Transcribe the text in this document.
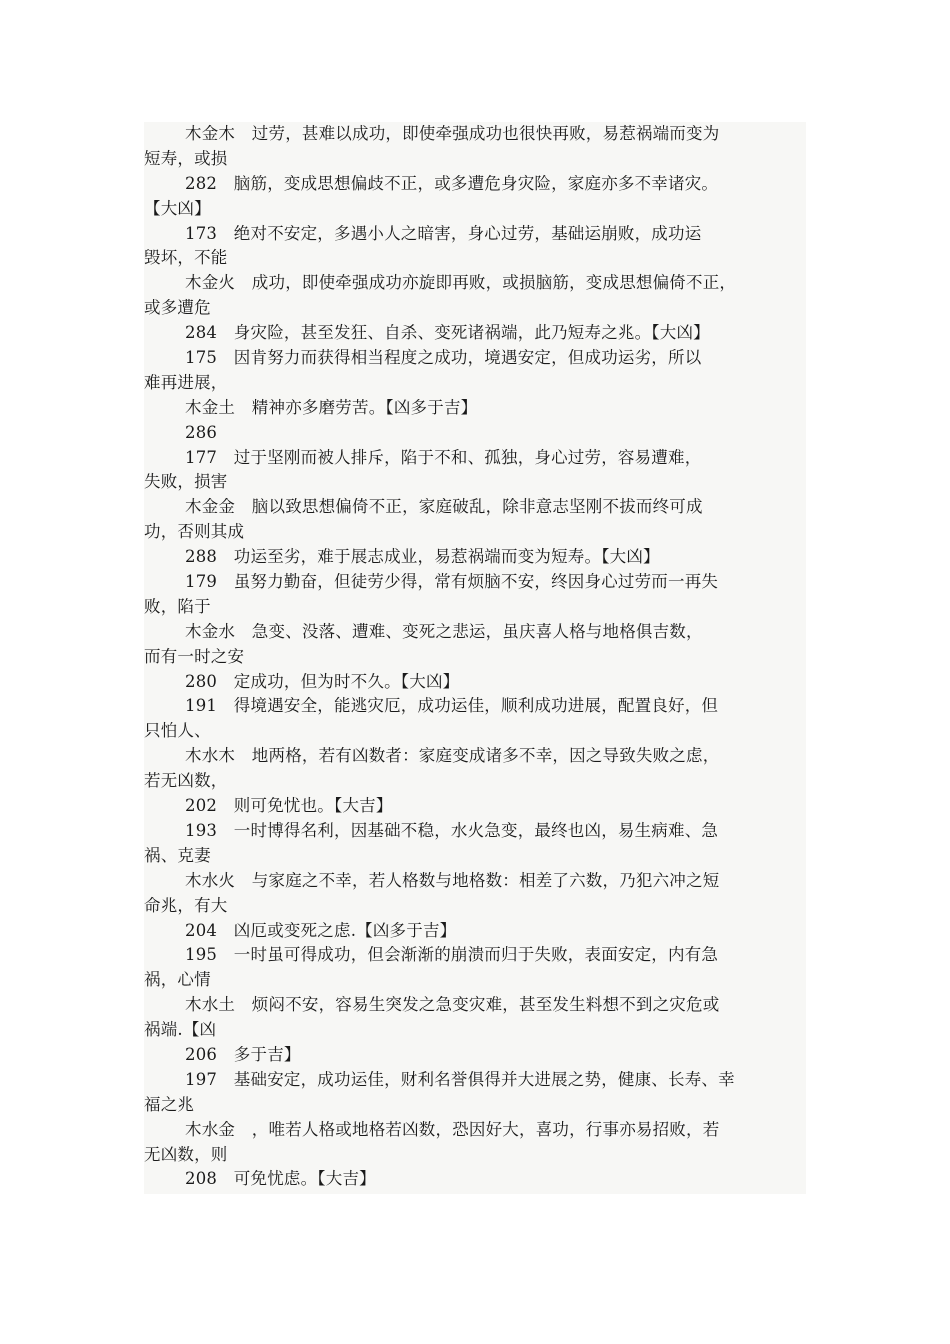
木金木　过劳，甚难以成功，即使牵强成功也很快再败，易惹祸端而变为
短寿，或损
282　脑筋，变成思想偏歧不正，或多遭危身灾险，家庭亦多不幸诸灾。
【大凶】
173　绝对不安定，多遇小人之暗害，身心过劳，基础运崩败，成功运
毁坏，不能
木金火　成功，即使牵强成功亦旋即再败，或损脑筋，变成思想偏倚不正，
或多遭危
284　身灾险，甚至发狂、自杀、变死诸祸端，此乃短寿之兆。【大凶】
175　因肯努力而获得相当程度之成功，境遇安定，但成功运劣，所以
难再进展，
木金土　精神亦多磨劳苦。【凶多于吉】
286
177　过于坚刚而被人排斥，陷于不和、孤独，身心过劳，容易遭难，
失败，损害
木金金　脑以致思想偏倚不正，家庭破乱，除非意志坚刚不拔而终可成
功，否则其成
288　功运至劣，难于展志成业，易惹祸端而变为短寿。【大凶】
179　虽努力勤奋，但徒劳少得，常有烦脑不安，终因身心过劳而一再失
败，陷于
木金水　急变、没落、遭难、变死之悲运，虽庆喜人格与地格俱吉数，
而有一时之安
280　定成功，但为时不久。【大凶】
191　得境遇安全，能逃灾厄，成功运佳，顺利成功进展，配置良好，但
只怕人、
木水木　地两格，若有凶数者：家庭变成诸多不幸，因之导致失败之虑，
若无凶数，
202　则可免忧也。【大吉】
193　一时博得名利，因基础不稳，水火急变，最终也凶，易生病难、急
祸、克妻
木水火　与家庭之不幸，若人格数与地格数：相差了六数，乃犯六冲之短
命兆，有大
204　凶厄或变死之虑.【凶多于吉】
195　一时虽可得成功，但会渐渐的崩溃而归于失败，表面安定，内有急
祸，心情
木水土　烦闷不安，容易生突发之急变灾难，甚至发生料想不到之灾危或
祸端.【凶
206　多于吉】
197　基础安定，成功运佳，财利名誉俱得并大进展之势，健康、长寿、幸
福之兆
木水金　，唯若人格或地格若凶数，恐因好大，喜功，行事亦易招败，若
无凶数，则
208　可免忧虑。【大吉】
